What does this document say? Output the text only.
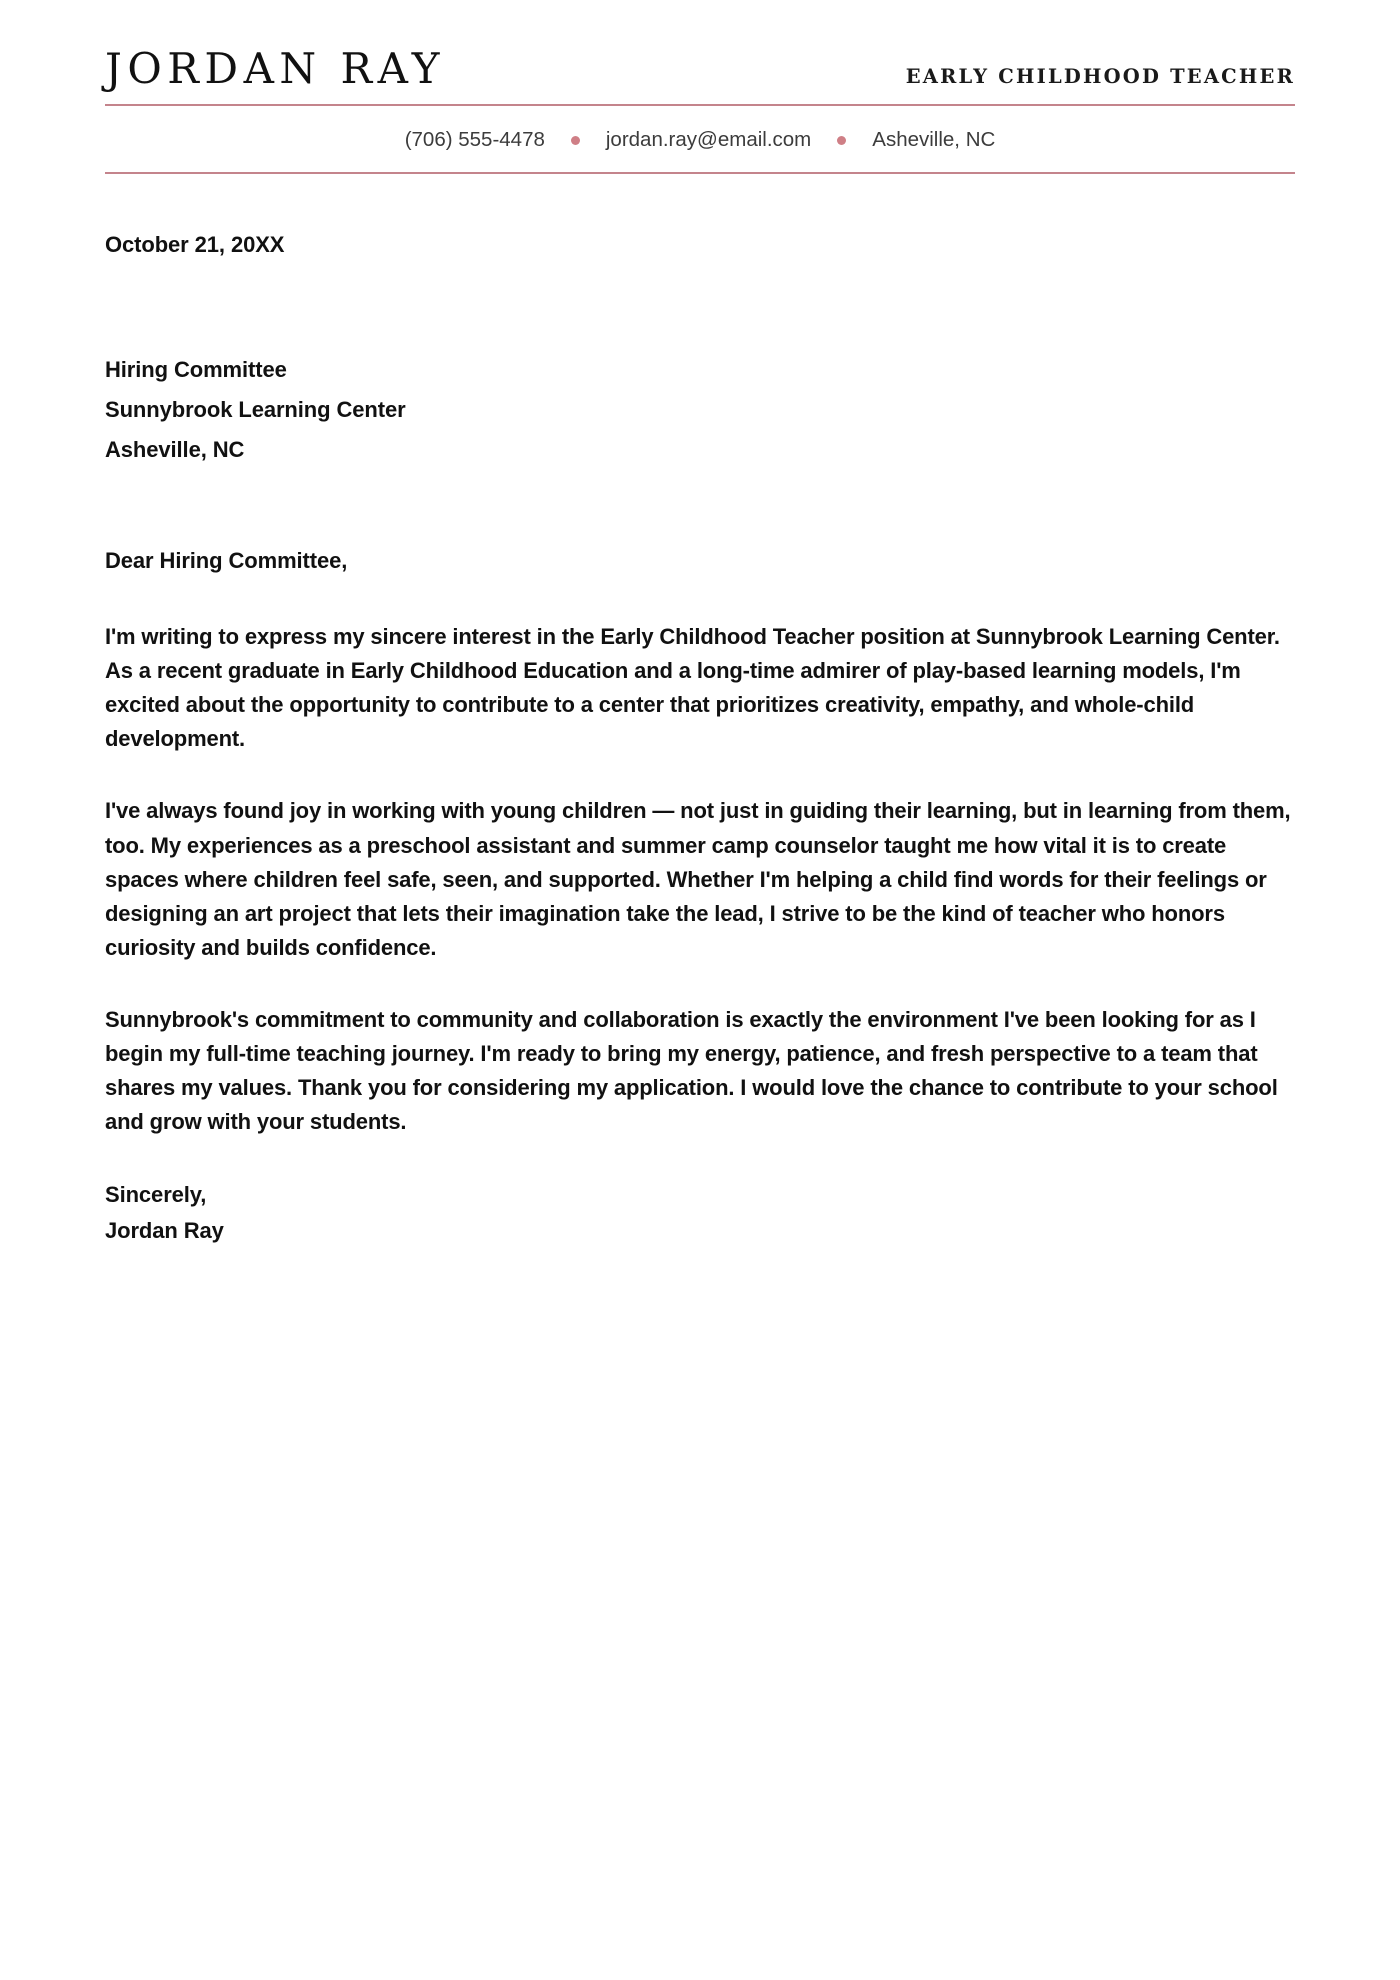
JORDAN RAY	EARLY CHILDHOOD TEACHER
(706) 555-4478	jordan.ray@email.com	Asheville, NC
October 21, 20XX
Hiring Committee
Sunnybrook Learning Center
Asheville, NC
Dear Hiring Committee,

I'm writing to express my sincere interest in the Early Childhood Teacher position at Sunnybrook Learning Center. As a recent graduate in Early Childhood Education and a long-time admirer of play-based learning models, I'm excited about the opportunity to contribute to a center that prioritizes creativity, empathy, and whole-child development.

I've always found joy in working with young children — not just in guiding their learning, but in learning from them, too. My experiences as a preschool assistant and summer camp counselor taught me how vital it is to create spaces where children feel safe, seen, and supported. Whether I'm helping a child find words for their feelings or designing an art project that lets their imagination take the lead, I strive to be the kind of teacher who honors curiosity and builds confidence.

Sunnybrook's commitment to community and collaboration is exactly the environment I've been looking for as I begin my full-time teaching journey. I'm ready to bring my energy, patience, and fresh perspective to a team that shares my values. Thank you for considering my application. I would love the chance to contribute to your school and grow with your students.

Sincerely,
Jordan Ray
